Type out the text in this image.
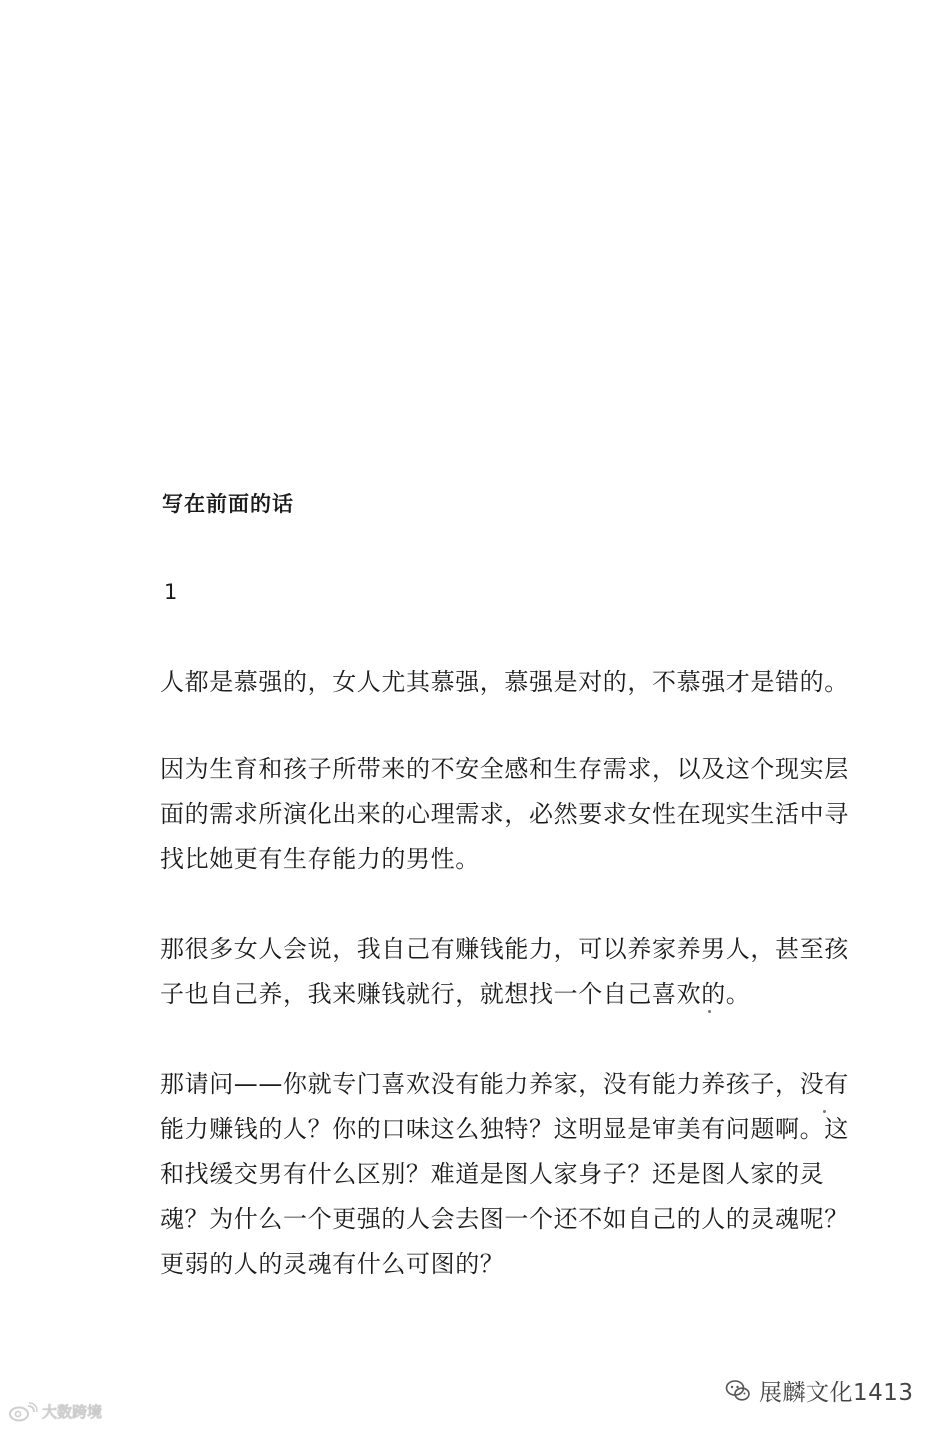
写在前面的话
1

人都是慕强的，女人尤其慕强，慕强是对的，不慕强才是错的。

因为生育和孩子所带来的不安全感和生存需求，以及这个现实层
面的需求所演化出来的心理需求，必然要求女性在现实生活中寻
找比她更有生存能力的男性。

那很多女人会说，我自己有赚钱能力，可以养家养男人，甚至孩
子也自己养，我来赚钱就行，就想找一个自己喜欢的。

那请问——你就专门喜欢没有能力养家，没有能力养孩子，没有
能力赚钱的人？你的口味这么独特？这明显是审美有问题啊。这
和找缓交男有什么区别？难道是图人家身子？还是图人家的灵
魂？为什么一个更强的人会去图一个还不如自己的人的灵魂呢？
更弱的人的灵魂有什么可图的？

展麟文化1413
大数跨境
